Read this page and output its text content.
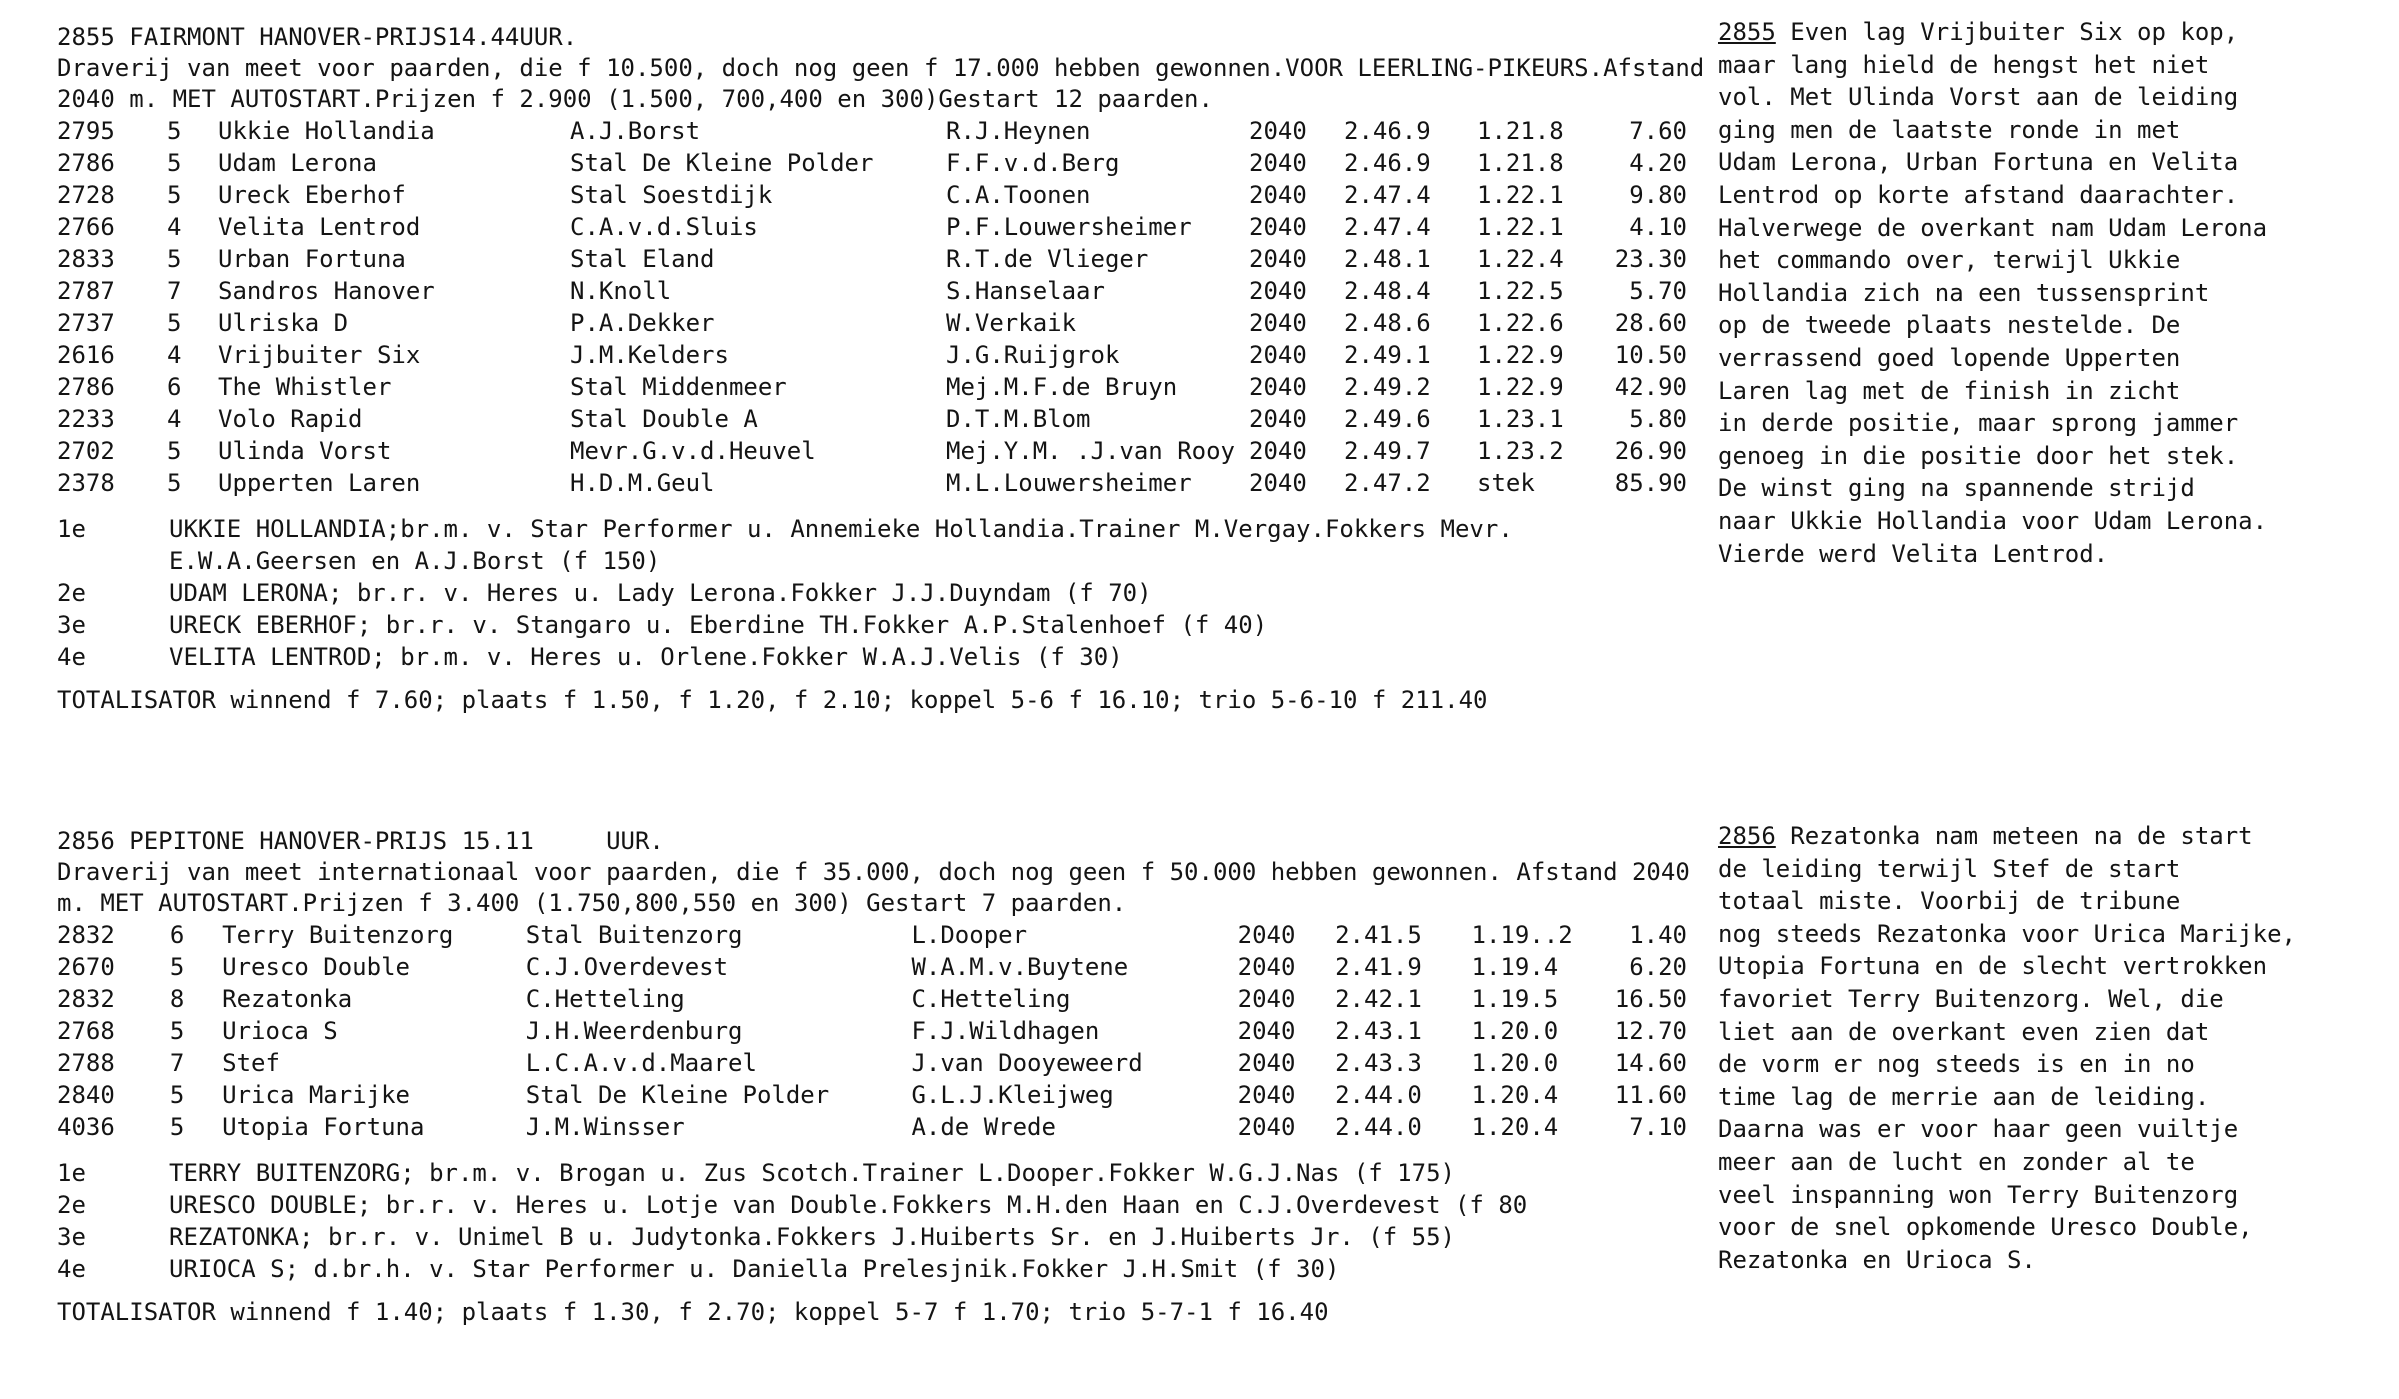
2855 FAIRMONT HANOVER-PRIJS14.44UUR.
Draverij van meet voor paarden, die f 10.500, doch nog geen f 17.000 hebben gewonnen.VOOR LEERLING-PIKEURS.Afstand 2040 m. MET AUTOSTART.Prijzen f 2.900 (1.500, 700,400 en 300)Gestart 12 paarden.
2795	5	Ukkie Hollandia	A.J.Borst	R.J.Heynen	2040	2.46.9	1.21.8	7.60
2786	5	Udam Lerona	Stal De Kleine Polder	F.F.v.d.Berg	2040	2.46.9	1.21.8	4.20
2728	5	Ureck Eberhof	Stal Soestdijk	C.A.Toonen	2040	2.47.4	1.22.1	9.80
2766	4	Velita Lentrod	C.A.v.d.Sluis	P.F.Louwersheimer	2040	2.47.4	1.22.1	4.10
2833	5	Urban Fortuna	Stal Eland	R.T.de Vlieger	2040	2.48.1	1.22.4	23.30
2787	7	Sandros Hanover	N.Knoll	S.Hanselaar	2040	2.48.4	1.22.5	5.70
2737	5	Ulriska D	P.A.Dekker	W.Verkaik	2040	2.48.6	1.22.6	28.60
2616	4	Vrijbuiter Six	J.M.Kelders	J.G.Ruijgrok	2040	2.49.1	1.22.9	10.50
2786	6	The Whistler	Stal Middenmeer	Mej.M.F.de Bruyn	2040	2.49.2	1.22.9	42.90
2233	4	Volo Rapid	Stal Double A	D.T.M.Blom	2040	2.49.6	1.23.1	5.80
2702	5	Ulinda Vorst	Mevr.G.v.d.Heuvel	Mej.Y.M. .J.van Rooy	2040	2.49.7	1.23.2	26.90
2378	5	Upperten Laren	H.D.M.Geul	M.L.Louwersheimer	2040	2.47.2	stek	85.90
1e	UKKIE HOLLANDIA;br.m. v. Star Performer u. Annemieke Hollandia.Trainer M.Vergay.Fokkers Mevr. E.W.A.Geersen en A.J.Borst (f 150)
2e	UDAM LERONA; br.r. v. Heres u. Lady Lerona.Fokker J.J.Duyndam (f 70)
3e	URECK EBERHOF; br.r. v. Stangaro u. Eberdine TH.Fokker A.P.Stalenhoef (f 40)
4e	VELITA LENTROD; br.m. v. Heres u. Orlene.Fokker W.A.J.Velis (f 30)
TOTALISATOR winnend f 7.60; plaats f 1.50, f 1.20, f 2.10; koppel 5-6 f 16.10; trio 5-6-10 f 211.40
2856 PEPITONE HANOVER-PRIJS 15.11     UUR.
Draverij van meet internationaal voor paarden, die f 35.000, doch nog geen f 50.000 hebben gewonnen. Afstand 2040 m. MET AUTOSTART.Prijzen f 3.400 (1.750,800,550 en 300) Gestart 7 paarden.
2832	6	Terry Buitenzorg	Stal Buitenzorg	L.Dooper	2040	2.41.5	1.19..2	1.40
2670	5	Uresco Double	C.J.Overdevest	W.A.M.v.Buytene	2040	2.41.9	1.19.4	6.20
2832	8	Rezatonka	C.Hetteling	C.Hetteling	2040	2.42.1	1.19.5	16.50
2768	5	Urioca S	J.H.Weerdenburg	F.J.Wildhagen	2040	2.43.1	1.20.0	12.70
2788	7	Stef	L.C.A.v.d.Maarel	J.van Dooyeweerd	2040	2.43.3	1.20.0	14.60
2840	5	Urica Marijke	Stal De Kleine Polder	G.L.J.Kleijweg	2040	2.44.0	1.20.4	11.60
4036	5	Utopia Fortuna	J.M.Winsser	A.de Wrede	2040	2.44.0	1.20.4	7.10
1e	TERRY BUITENZORG; br.m. v. Brogan u. Zus Scotch.Trainer L.Dooper.Fokker W.G.J.Nas (f 175)
2e	URESCO DOUBLE; br.r. v. Heres u. Lotje van Double.Fokkers M.H.den Haan en C.J.Overdevest (f 80
3e	REZATONKA; br.r. v. Unimel B u. Judytonka.Fokkers J.Huiberts Sr. en J.Huiberts Jr. (f 55)
4e	URIOCA S; d.br.h. v. Star Performer u. Daniella Prelesjnik.Fokker J.H.Smit (f 30)
TOTALISATOR winnend f 1.40; plaats f 1.30, f 2.70; koppel 5-7 f 1.70; trio 5-7-1 f 16.40
2855 Even lag Vrijbuiter Six op kop,
maar lang hield de hengst het niet
vol. Met Ulinda Vorst aan de leiding
ging men de laatste ronde in met
Udam Lerona, Urban Fortuna en Velita
Lentrod op korte afstand daarachter.
Halverwege de overkant nam Udam Lerona
het commando over, terwijl Ukkie
Hollandia zich na een tussensprint
op de tweede plaats nestelde. De
verrassend goed lopende Upperten
Laren lag met de finish in zicht
in derde positie, maar sprong jammer
genoeg in die positie door het stek.
De winst ging na spannende strijd
naar Ukkie Hollandia voor Udam Lerona.
Vierde werd Velita Lentrod.
2856 Rezatonka nam meteen na de start
de leiding terwijl Stef de start
totaal miste. Voorbij de tribune
nog steeds Rezatonka voor Urica Marijke,
Utopia Fortuna en de slecht vertrokken
favoriet Terry Buitenzorg. Wel, die
liet aan de overkant even zien dat
de vorm er nog steeds is en in no
time lag de merrie aan de leiding.
Daarna was er voor haar geen vuiltje
meer aan de lucht en zonder al te
veel inspanning won Terry Buitenzorg
voor de snel opkomende Uresco Double,
Rezatonka en Urioca S.
